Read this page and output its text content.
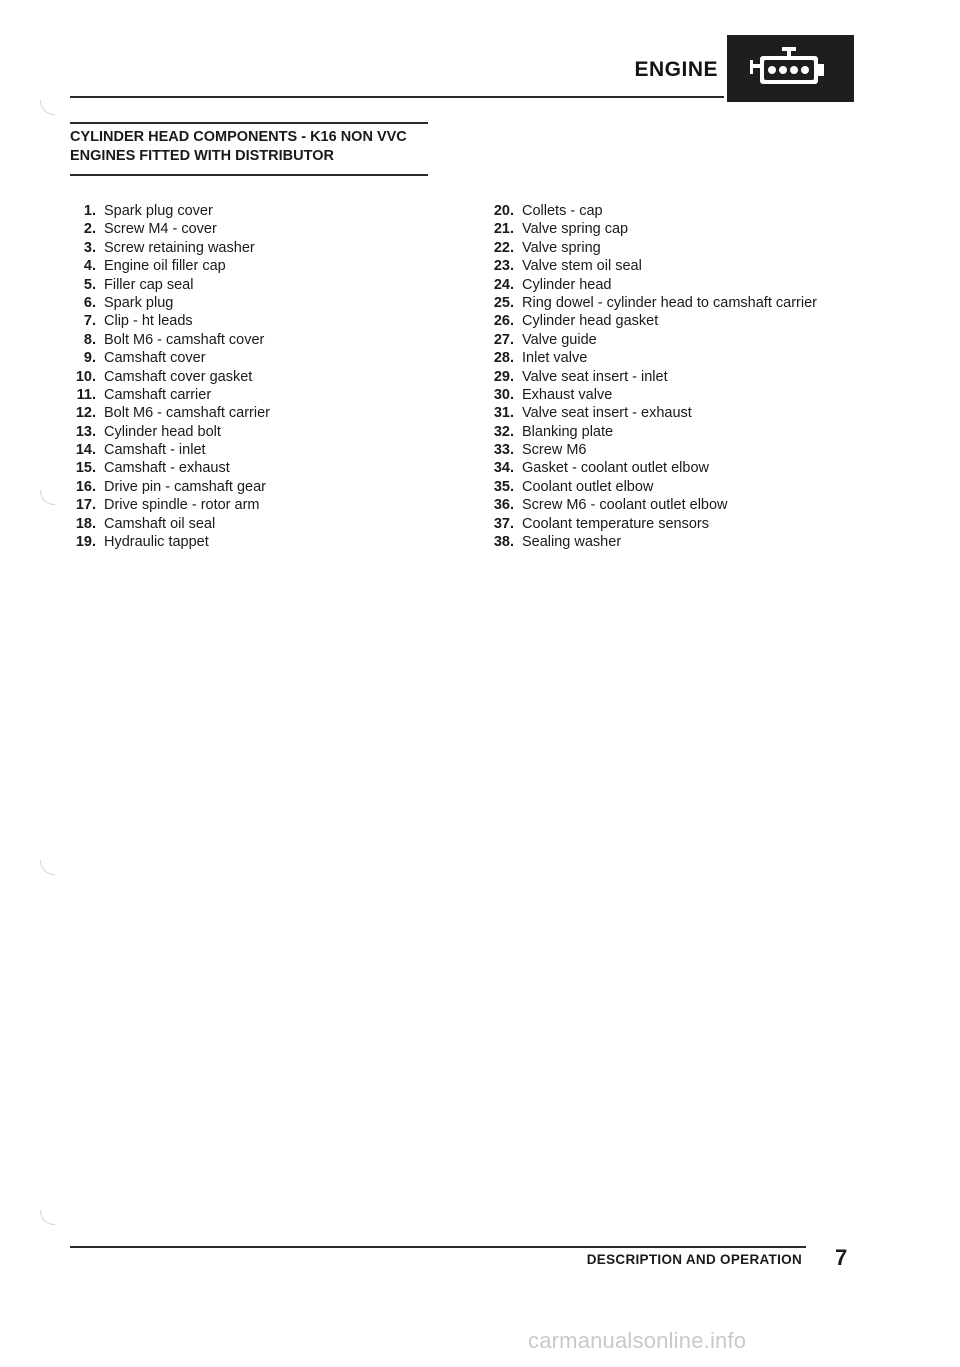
ENGINE
CYLINDER HEAD COMPONENTS - K16 NON VVC
ENGINES FITTED WITH DISTRIBUTOR
1. Spark plug cover
2. Screw M4 - cover
3. Screw retaining washer
4. Engine oil filler cap
5. Filler cap seal
6. Spark plug
7. Clip - ht leads
8. Bolt M6 - camshaft cover
9. Camshaft cover
10. Camshaft cover gasket
11. Camshaft carrier
12. Bolt M6 - camshaft carrier
13. Cylinder head bolt
14. Camshaft - inlet
15. Camshaft - exhaust
16. Drive pin - camshaft gear
17. Drive spindle - rotor arm
18. Camshaft oil seal
19. Hydraulic tappet
20. Collets - cap
21. Valve spring cap
22. Valve spring
23. Valve stem oil seal
24. Cylinder head
25. Ring dowel - cylinder head to camshaft carrier
26. Cylinder head gasket
27. Valve guide
28. Inlet valve
29. Valve seat insert - inlet
30. Exhaust valve
31. Valve seat insert - exhaust
32. Blanking plate
33. Screw M6
34. Gasket - coolant outlet elbow
35. Coolant outlet elbow
36. Screw M6 - coolant outlet elbow
37. Coolant temperature sensors
38. Sealing washer
DESCRIPTION AND OPERATION 7
carmanualsonline.info
